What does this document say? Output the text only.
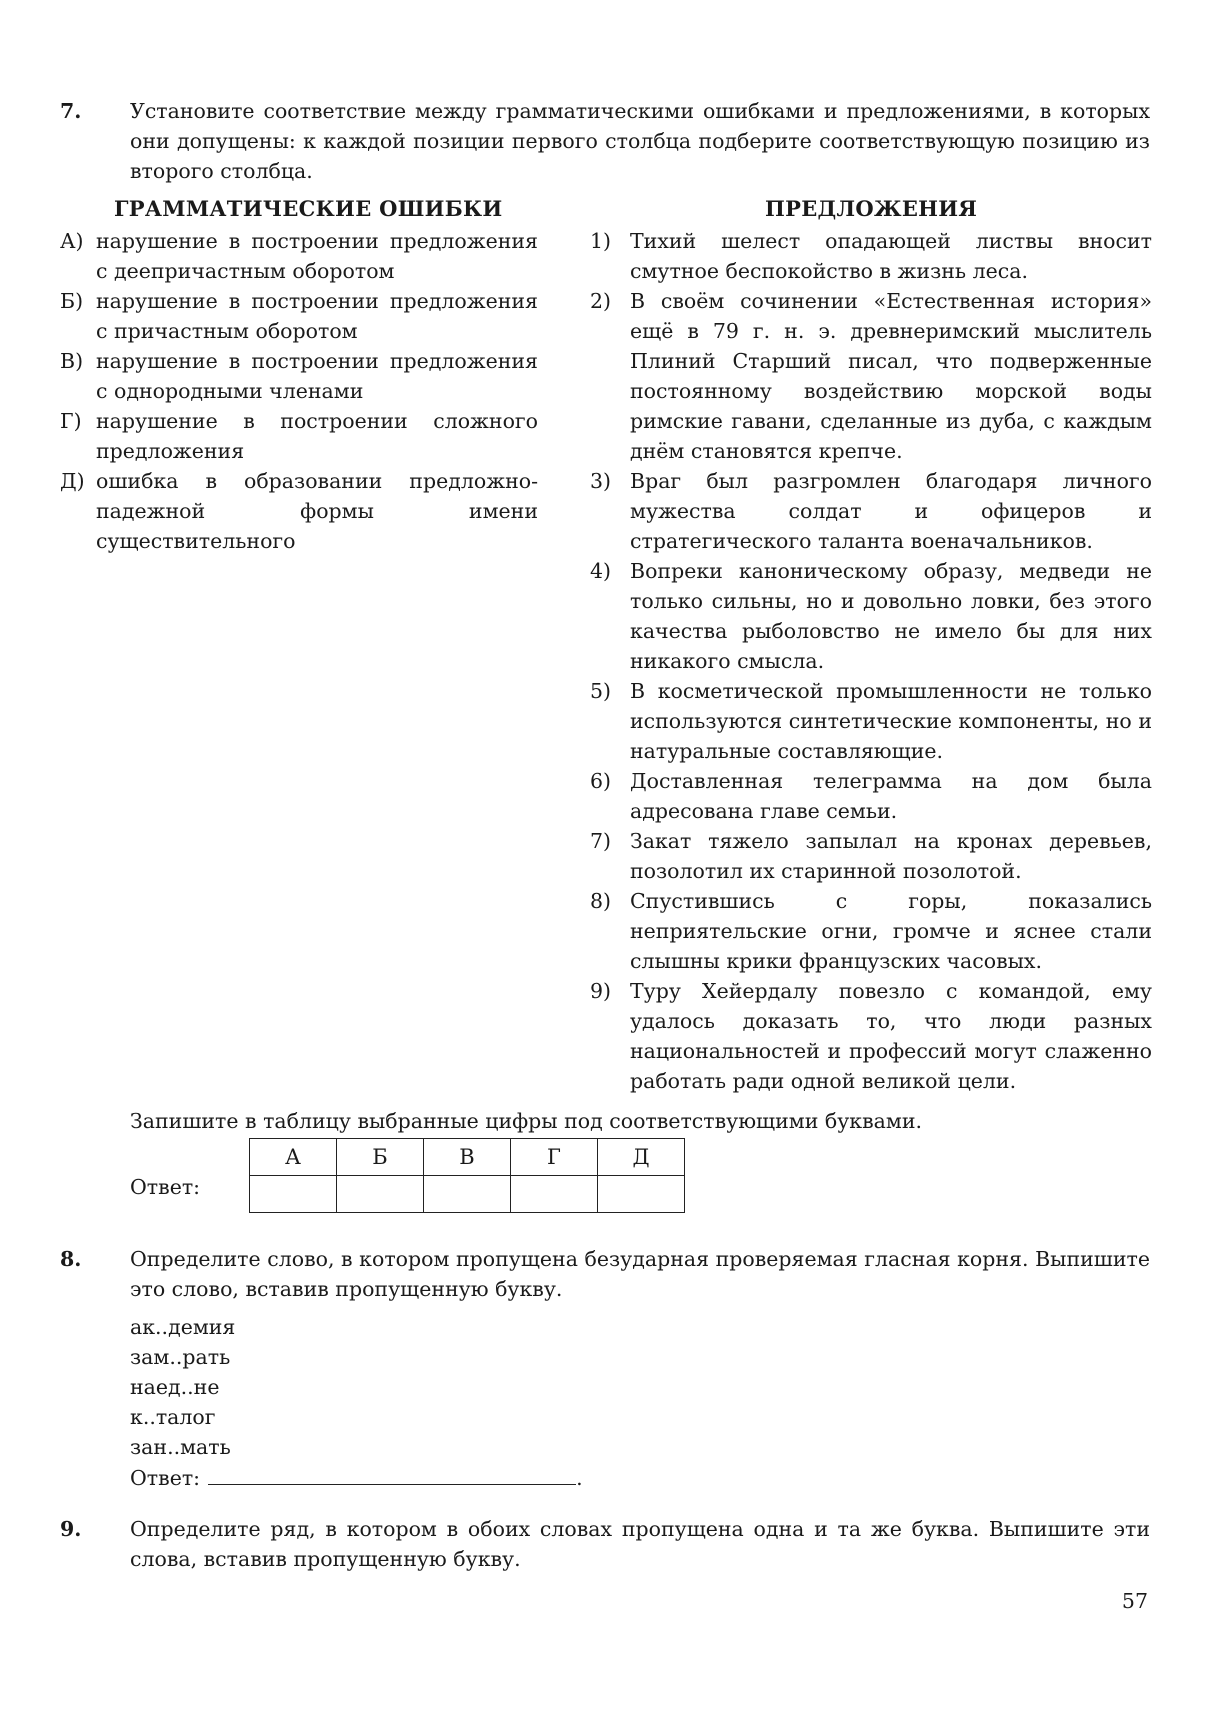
7. Установите соответствие между грамматическими ошибками и предложениями, в которых они допущены: к каждой позиции первого столбца подберите соответствующую позицию из второго столбца.
ГРАММАТИЧЕСКИЕ ОШИБКИ	ПРЕДЛОЖЕНИЯ
А) нарушение в построении предложения с деепричастным оборотом
Б) нарушение в построении предложения с причастным оборотом
В) нарушение в построении предложения с однородными членами
Г) нарушение в построении сложного предложения
Д) ошибка в образовании предложно-падежной формы имени существительного
1) Тихий шелест опадающей листвы вносит смутное беспокойство в жизнь леса.
2) В своём сочинении «Естественная история» ещё в 79 г. н. э. древнеримский мыслитель Плиний Старший писал, что подверженные постоянному воздействию морской воды римские гавани, сделанные из дуба, с каждым днём становятся крепче.
3) Враг был разгромлен благодаря личного мужества солдат и офицеров и стратегического таланта военачальников.
4) Вопреки каноническому образу, медведи не только сильны, но и довольно ловки, без этого качества рыболовство не имело бы для них никакого смысла.
5) В косметической промышленности не только используются синтетические компоненты, но и натуральные составляющие.
6) Доставленная телеграмма на дом была адресована главе семьи.
7) Закат тяжело запылал на кронах деревьев, позолотил их старинной позолотой.
8) Спустившись с горы, показались неприятельские огни, громче и яснее стали слышны крики французских часовых.
9) Туру Хейердалу повезло с командой, ему удалось доказать то, что люди разных национальностей и профессий могут слаженно работать ради одной великой цели.
Запишите в таблицу выбранные цифры под соответствующими буквами.
Ответ:
А	Б	В	Г	Д

8. Определите слово, в котором пропущена безударная проверяемая гласная корня. Выпишите это слово, вставив пропущенную букву.
ак..демия
зам..рать
наед..не
к..талог
зан..мать
Ответ:	.
9. Определите ряд, в котором в обоих словах пропущена одна и та же буква. Выпишите эти слова, вставив пропущенную букву.
57
